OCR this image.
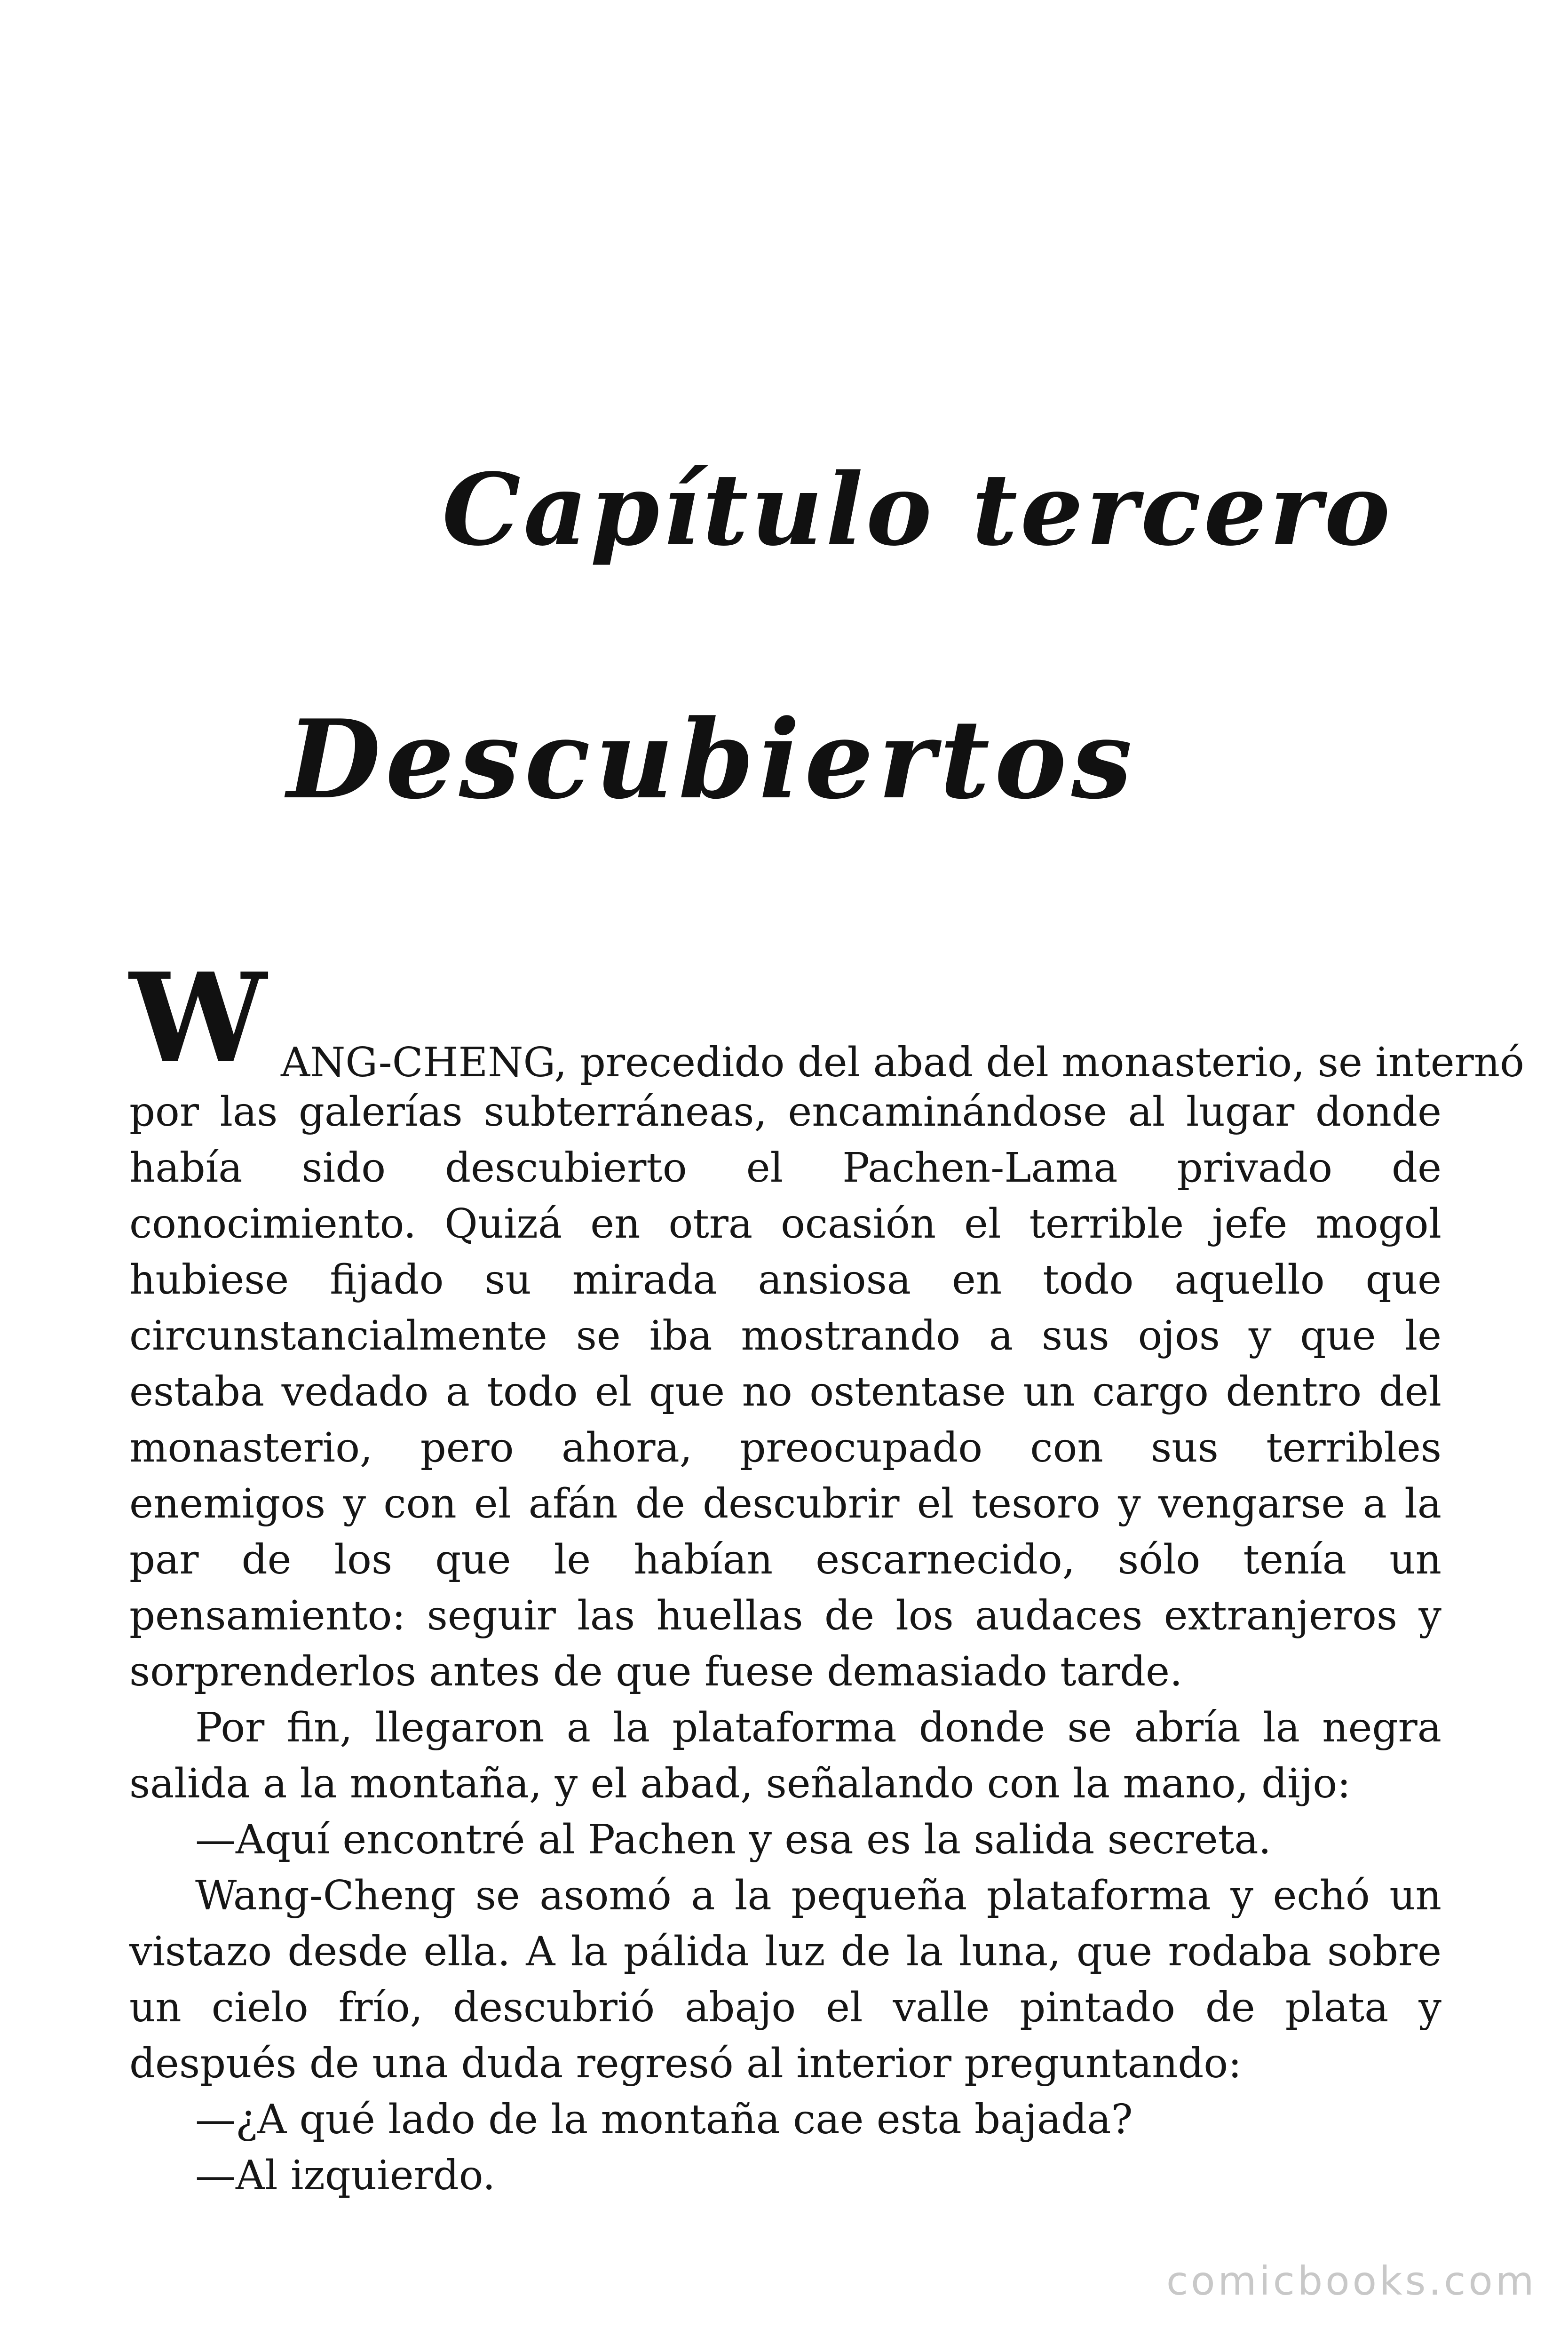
Capítulo tercero
Descubiertos
W ANG-CHENG, precedido del abad del monasterio, se internó

por las galerías subterráneas, encaminándose al lugar donde había sido descubierto el Pachen-Lama privado de conocimiento. Quizá en otra ocasión el terrible jefe mogol hubiese fijado su mirada ansiosa en todo aquello que circunstancialmente se iba mostrando a sus ojos y que le estaba vedado a todo el que no ostentase un cargo dentro del monasterio, pero ahora, preocupado con sus terribles enemigos y con el afán de descubrir el tesoro y vengarse a la par de los que le habían escarnecido, sólo tenía un pensamiento: seguir las huellas de los audaces extranjeros y sorprenderlos antes de que fuese demasiado tarde.

Por fin, llegaron a la plataforma donde se abría la negra salida a la montaña, y el abad, señalando con la mano, dijo:

—Aquí encontré al Pachen y esa es la salida secreta.

Wang-Cheng se asomó a la pequeña plataforma y echó un vistazo desde ella. A la pálida luz de la luna, que rodaba sobre un cielo frío, descubrió abajo el valle pintado de plata y después de una duda regresó al interior preguntando:

—¿A qué lado de la montaña cae esta bajada?

—Al izquierdo.

comicbooks.com
